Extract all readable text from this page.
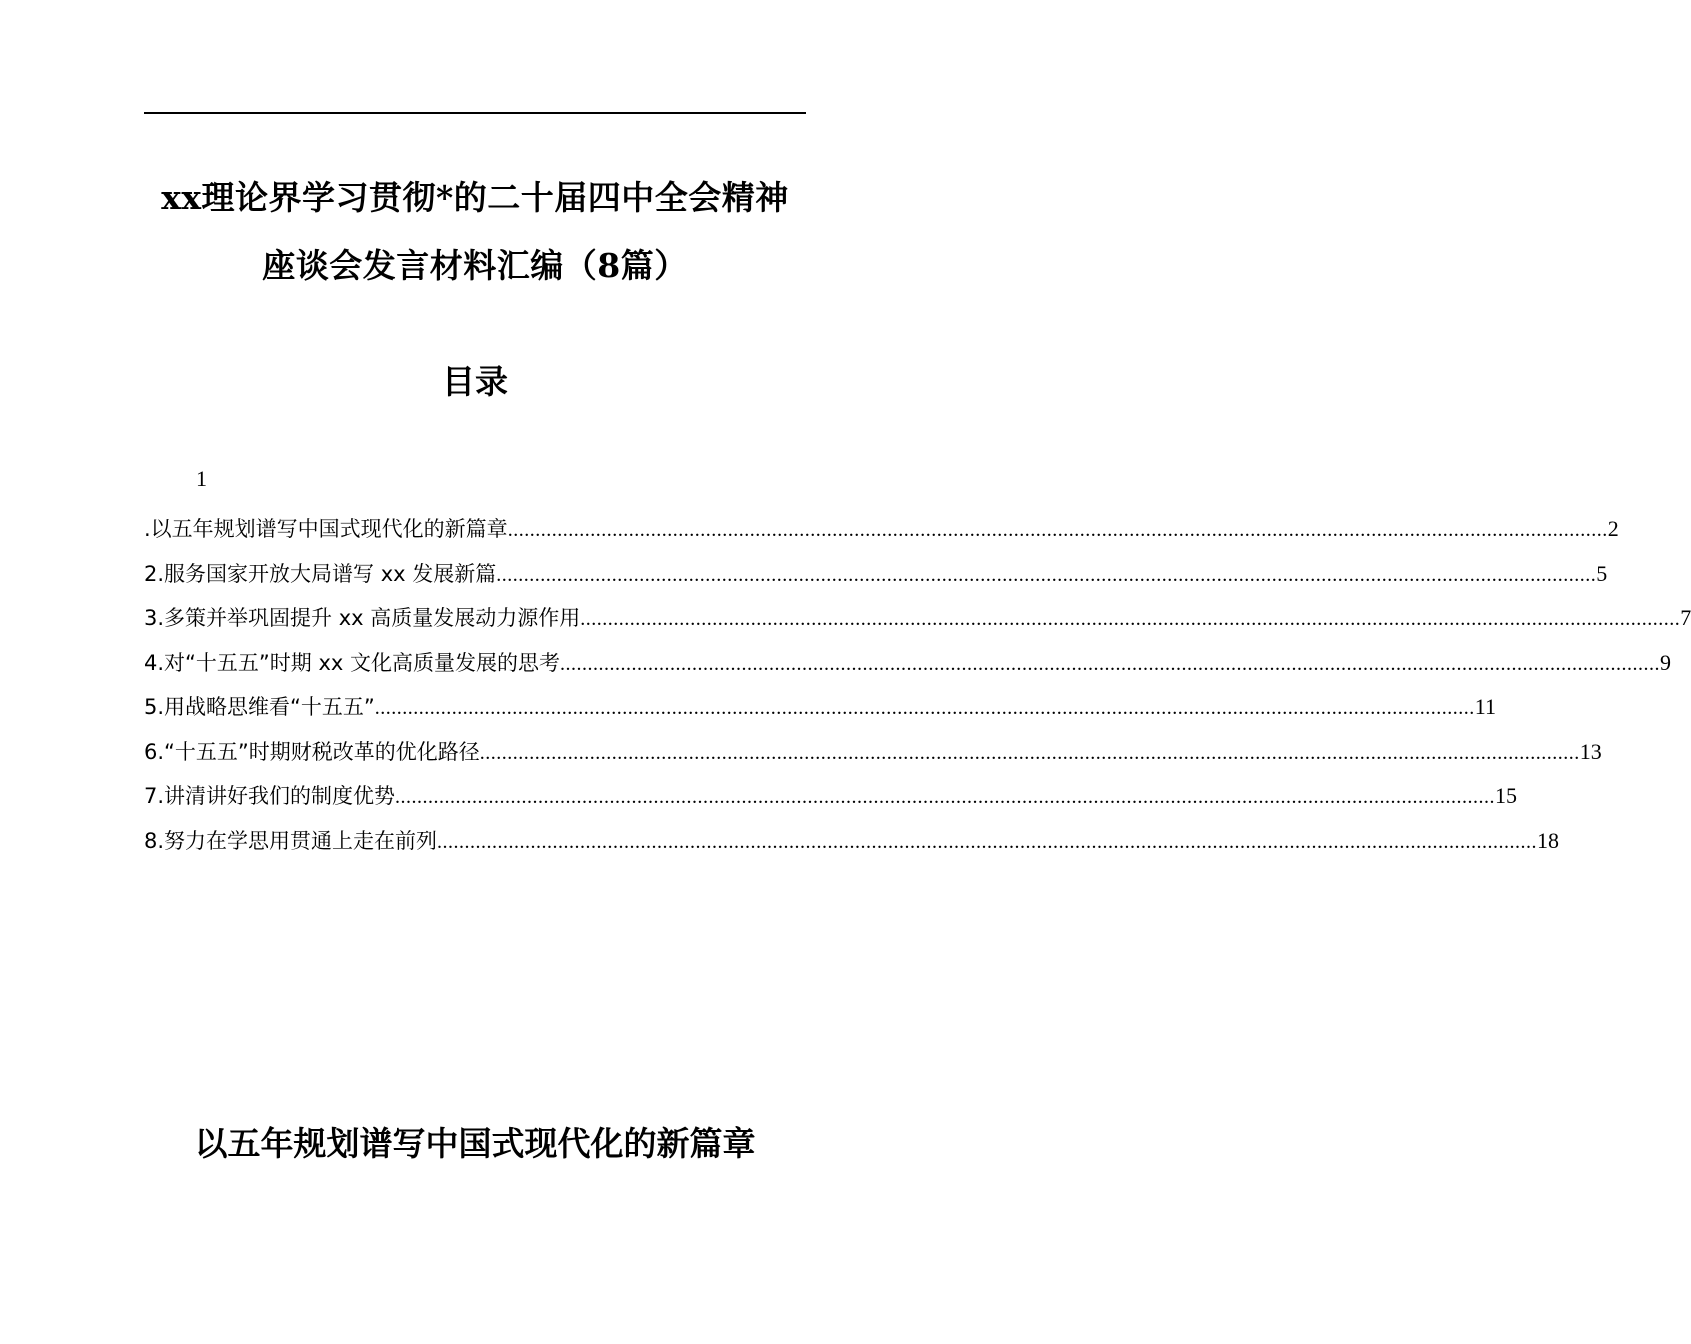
xx理论界学习贯彻*的二十届四中全会精神
座谈会发言材料汇编（8篇）
目录
1
.以五年规划谱写中国式现代化的新篇章 ........................................................................................................................................................................................................ 2
2.服务国家开放大局谱写 xx 发展新篇 ........................................................................................................................................................................................................ 5
3.多策并举巩固提升 xx 高质量发展动力源作用 ........................................................................................................................................................................................................ 7
4.对“十五五”时期 xx 文化高质量发展的思考 ........................................................................................................................................................................................................ 9
5.用战略思维看“十五五” ........................................................................................................................................................................................................ 11
6.“十五五”时期财税改革的优化路径 ........................................................................................................................................................................................................ 13
7.讲清讲好我们的制度优势 ........................................................................................................................................................................................................ 15
8.努力在学思用贯通上走在前列 ........................................................................................................................................................................................................ 18
以五年规划谱写中国式现代化的新篇章
